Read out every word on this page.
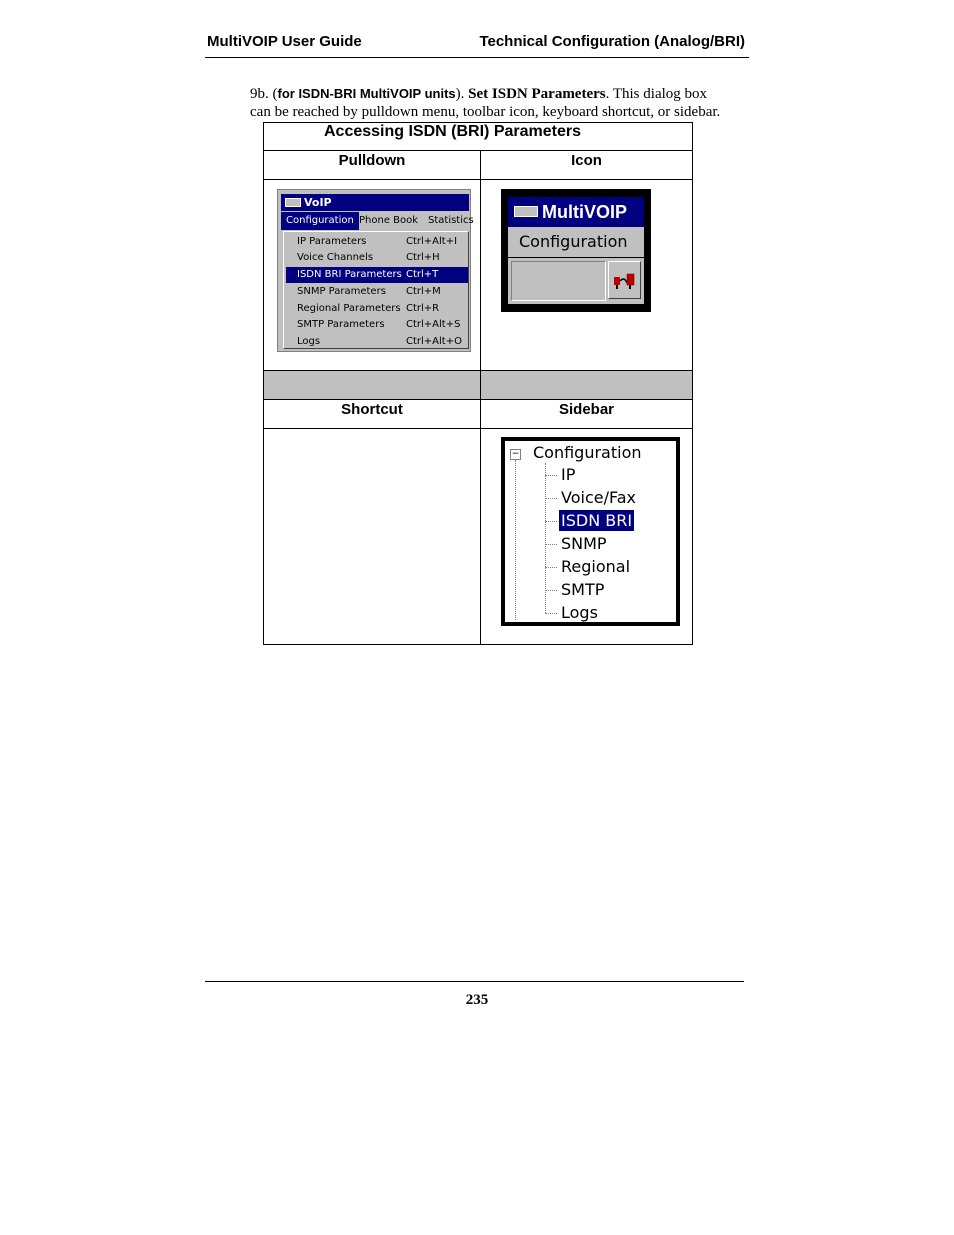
MultiVOIP User Guide	Technical Configuration (Analog/BRI)
9b. (for ISDN-BRI MultiVOIP units). Set ISDN Parameters. This dialog box
can be reached by pulldown menu, toolbar icon, keyboard shortcut, or sidebar.
Accessing ISDN (BRI) Parameters	
Pulldown	Icon

Shortcut	Sidebar

VoIP
Configuration Phone Book Statistics
IP Parameters	Ctrl+Alt+I
Voice Channels	Ctrl+H
ISDN BRI Parameters Ctrl+T
SNMP Parameters Ctrl+M
Regional Parameters Ctrl+R
SMTP Parameters Ctrl+Alt+S
Logs	Ctrl+Alt+O
MultiVOIP
Configuration
− Configuration
IP
Voice/Fax
ISDN BRI
SNMP
Regional
SMTP
Logs
235
